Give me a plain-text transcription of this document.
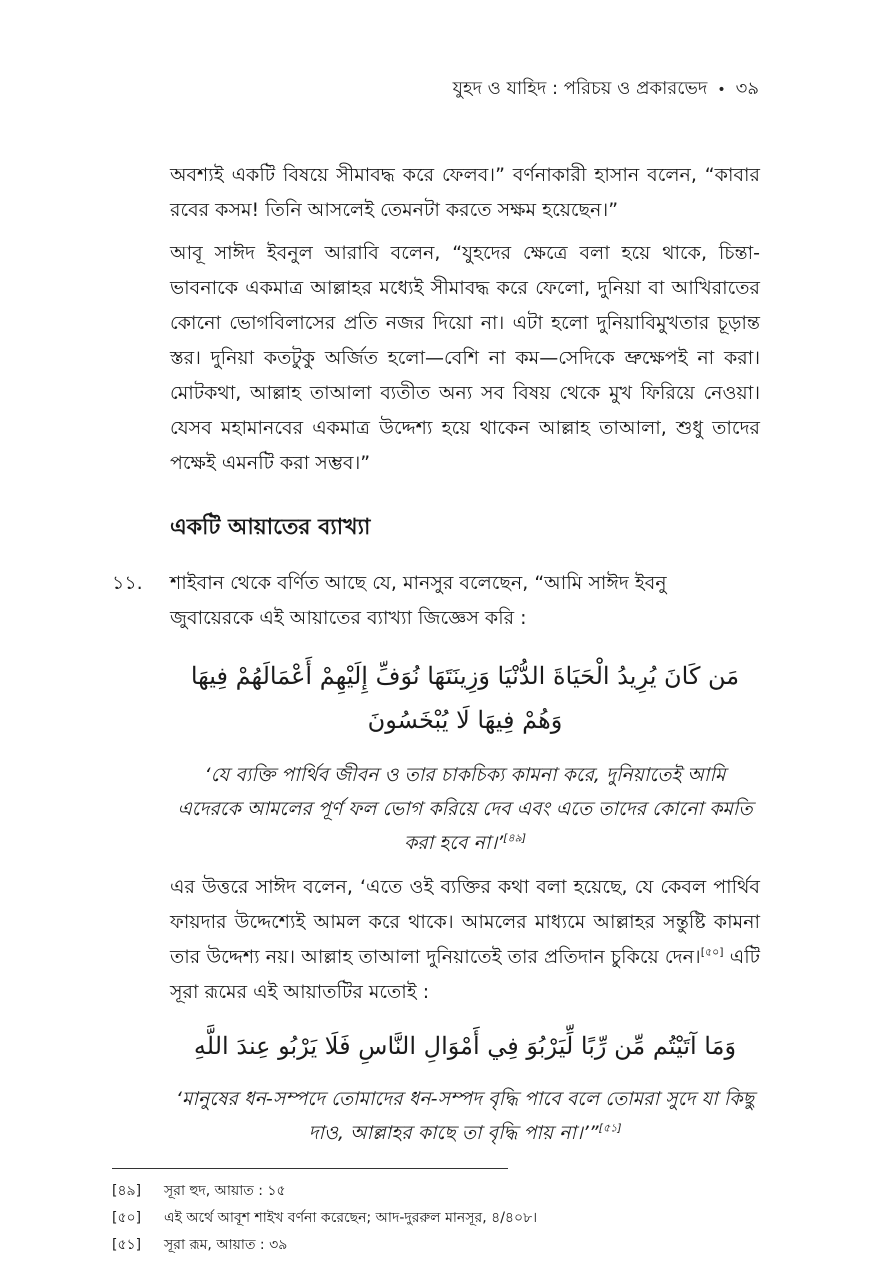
যুহদ ও যাহিদ : পরিচয় ও প্রকারভেদ • ৩৯

অবশ্যই একটি বিষয়ে সীমাবদ্ধ করে ফেলব।” বর্ণনাকারী হাসান বলেন, “কাবার রবের কসম! তিনি আসলেই তেমনটা করতে সক্ষম হয়েছেন।”

আবূ সাঈদ ইবনুল আরাবি বলেন, “যুহদের ক্ষেত্রে বলা হয়ে থাকে, চিন্তা-ভাবনাকে একমাত্র আল্লাহর মধ্যেই সীমাবদ্ধ করে ফেলো, দুনিয়া বা আখিরাতের কোনো ভোগবিলাসের প্রতি নজর দিয়ো না। এটা হলো দুনিয়াবিমুখতার চূড়ান্ত স্তর। দুনিয়া কতটুকু অর্জিত হলো—বেশি না কম—সেদিকে ভ্রুক্ষেপই না করা। মোটকথা, আল্লাহ তাআলা ব্যতীত অন্য সব বিষয় থেকে মুখ ফিরিয়ে নেওয়া। যেসব মহামানবের একমাত্র উদ্দেশ্য হয়ে থাকেন আল্লাহ তাআলা, শুধু তাদের পক্ষেই এমনটি করা সম্ভব।”

একটি আয়াতের ব্যাখ্যা

১১. শাইবান থেকে বর্ণিত আছে যে, মানসুর বলেছেন, “আমি সাঈদ ইবনু
জুবায়েরকে এই আয়াতের ব্যাখ্যা জিজ্ঞেস করি :

مَن كَانَ يُرِيدُ الْحَيَاةَ الدُّنْيَا وَزِينَتَهَا نُوَفِّ إِلَيْهِمْ أَعْمَالَهُمْ فِيهَا وَهُمْ فِيهَا لَا يُبْخَسُونَ

‘যে ব্যক্তি পার্থিব জীবন ও তার চাকচিক্য কামনা করে, দুনিয়াতেই আমি এদেরকে আমলের পূর্ণ ফল ভোগ করিয়ে দেব এবং এতে তাদের কোনো কমতি করা হবে না।’[৪৯]

এর উত্তরে সাঈদ বলেন, ‘এতে ওই ব্যক্তির কথা বলা হয়েছে, যে কেবল পার্থিব ফায়দার উদ্দেশ্যেই আমল করে থাকে। আমলের মাধ্যমে আল্লাহর সন্তুষ্টি কামনা তার উদ্দেশ্য নয়। আল্লাহ তাআলা দুনিয়াতেই তার প্রতিদান চুকিয়ে দেন।[৫০] এটি সূরা রূমের এই আয়াতটির মতোই :

وَمَا آتَيْتُم مِّن رِّبًا لِّيَرْبُوَ فِي أَمْوَالِ النَّاسِ فَلَا يَرْبُو عِندَ اللَّهِ

‘মানুষের ধন-সম্পদে তোমাদের ধন-সম্পদ বৃদ্ধি পাবে বলে তোমরা সুদে যা কিছু দাও, আল্লাহর কাছে তা বৃদ্ধি পায় না।’”[৫১]

[৪৯] সূরা হুদ, আয়াত : ১৫

[৫০] এই অর্থে আবূশ শাইখ বর্ণনা করেছেন; আদ-দুররুল মানসূর, ৪/৪০৮।

[৫১] সূরা রূম, আয়াত : ৩৯
